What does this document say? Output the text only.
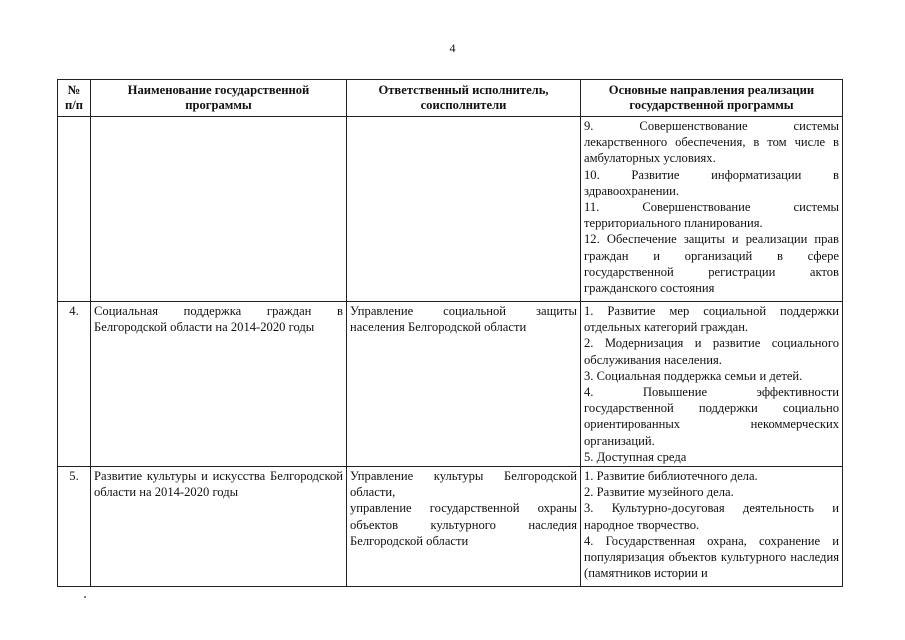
4
№ п/п	Наименование государственной программы	Ответственный исполнитель, соисполнители	Основные направления реализации государственной программы

			9. Совершенствование системы лекарственного обеспечения, в том числе в амбулаторных условиях.
10. Развитие информатизации в здравоохранении.
11. Совершенствование системы территориального планирования.
12. Обеспечение защиты и реализации прав граждан и организаций в сфере государственной регистрации актов гражданского состояния

4.	Социальная поддержка граждан в Белгородской области на 2014-2020 годы	Управление социальной защиты населения Белгородской области	1. Развитие мер социальной поддержки отдельных категорий граждан.
2. Модернизация и развитие социального обслуживания населения.
3. Социальная поддержка семьи и детей.
4. Повышение эффективности государственной поддержки социально ориентированных некоммерческих организаций.
5. Доступная среда

5.	Развитие культуры и искусства Белгородской области на 2014-2020 годы	Управление культуры Белгородской области,
управление государственной охраны объектов культурного наследия Белгородской области	1. Развитие библиотечного дела.
2. Развитие музейного дела.
3. Культурно-досуговая деятельность и народное творчество.
4. Государственная охрана, сохранение и популяризация объектов культурного наследия (памятников истории и
